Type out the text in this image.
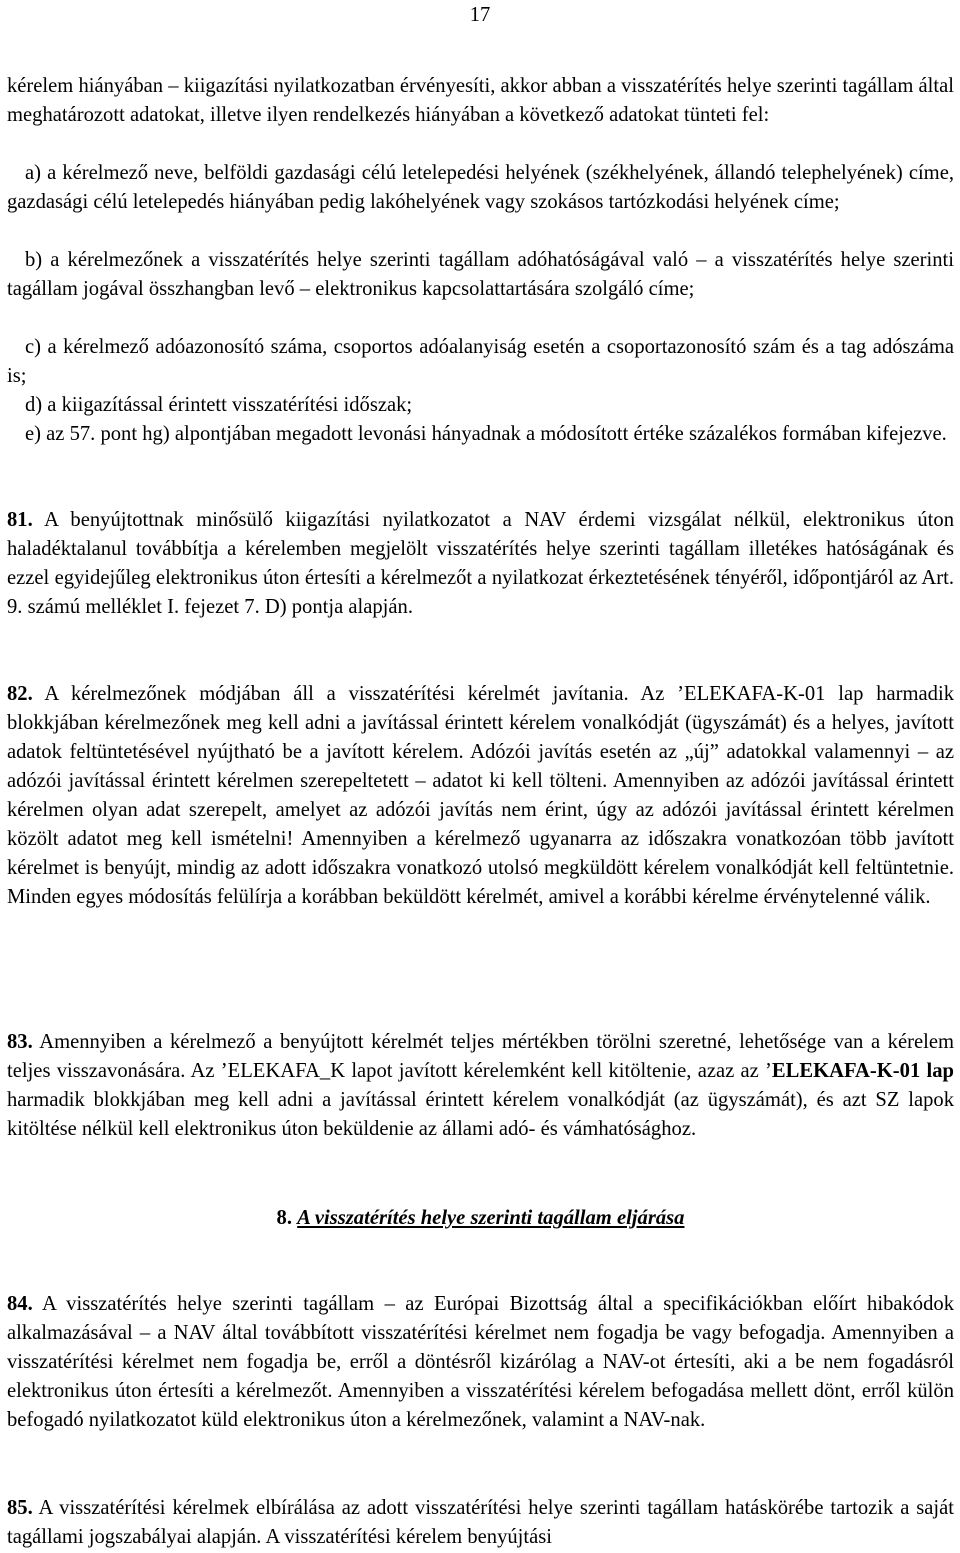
17

kérelem hiányában – kiigazítási nyilatkozatban érvényesíti, akkor abban a visszatérítés helye szerinti tagállam által meghatározott adatokat, illetve ilyen rendelkezés hiányában a következő adatokat tünteti fel:

a) a kérelmező neve, belföldi gazdasági célú letelepedési helyének (székhelyének, állandó telephelyének) címe, gazdasági célú letelepedés hiányában pedig lakóhelyének vagy szokásos tartózkodási helyének címe;

b) a kérelmezőnek a visszatérítés helye szerinti tagállam adóhatóságával való – a visszatérítés helye szerinti tagállam jogával összhangban levő – elektronikus kapcsolattartására szolgáló címe;

c) a kérelmező adóazonosító száma, csoportos adóalanyiság esetén a csoportazonosító szám és a tag adószáma is;

d) a kiigazítással érintett visszatérítési időszak;

e) az 57. pont hg) alpontjában megadott levonási hányadnak a módosított értéke százalékos formában kifejezve.

81. A benyújtottnak minősülő kiigazítási nyilatkozatot a NAV érdemi vizsgálat nélkül, elektronikus úton haladéktalanul továbbítja a kérelemben megjelölt visszatérítés helye szerinti tagállam illetékes hatóságának és ezzel egyidejűleg elektronikus úton értesíti a kérelmezőt a nyilatkozat érkeztetésének tényéről, időpontjáról az Art. 9. számú melléklet I. fejezet 7. D) pontja alapján.

82. A kérelmezőnek módjában áll a visszatérítési kérelmét javítania. Az ’ELEKAFA-K-01 lap harmadik blokkjában kérelmezőnek meg kell adni a javítással érintett kérelem vonalkódját (ügyszámát) és a helyes, javított adatok feltüntetésével nyújtható be a javított kérelem. Adózói javítás esetén az „új” adatokkal valamennyi – az adózói javítással érintett kérelmen szerepeltetett – adatot ki kell tölteni. Amennyiben az adózói javítással érintett kérelmen olyan adat szerepelt, amelyet az adózói javítás nem érint, úgy az adózói javítással érintett kérelmen közölt adatot meg kell ismételni! Amennyiben a kérelmező ugyanarra az időszakra vonatkozóan több javított kérelmet is benyújt, mindig az adott időszakra vonatkozó utolsó megküldött kérelem vonalkódját kell feltüntetnie. Minden egyes módosítás felülírja a korábban beküldött kérelmét, amivel a korábbi kérelme érvénytelenné válik.

83. Amennyiben a kérelmező a benyújtott kérelmét teljes mértékben törölni szeretné, lehetősége van a kérelem teljes visszavonására. Az ’ELEKAFA_K lapot javított kérelemként kell kitöltenie, azaz az ’ELEKAFA-K-01 lap harmadik blokkjában meg kell adni a javítással érintett kérelem vonalkódját (az ügyszámát), és azt SZ lapok kitöltése nélkül kell elektronikus úton beküldenie az állami adó- és vámhatósághoz.

8. A visszatérítés helye szerinti tagállam eljárása

84. A visszatérítés helye szerinti tagállam – az Európai Bizottság által a specifikációkban előírt hibakódok alkalmazásával – a NAV által továbbított visszatérítési kérelmet nem fogadja be vagy befogadja. Amennyiben a visszatérítési kérelmet nem fogadja be, erről a döntésről kizárólag a NAV-ot értesíti, aki a be nem fogadásról elektronikus úton értesíti a kérelmezőt. Amennyiben a visszatérítési kérelem befogadása mellett dönt, erről külön befogadó nyilatkozatot küld elektronikus úton a kérelmezőnek, valamint a NAV-nak.

85. A visszatérítési kérelmek elbírálása az adott visszatérítési helye szerinti tagállam hatáskörébe tartozik a saját tagállami jogszabályai alapján. A visszatérítési kérelem benyújtási
